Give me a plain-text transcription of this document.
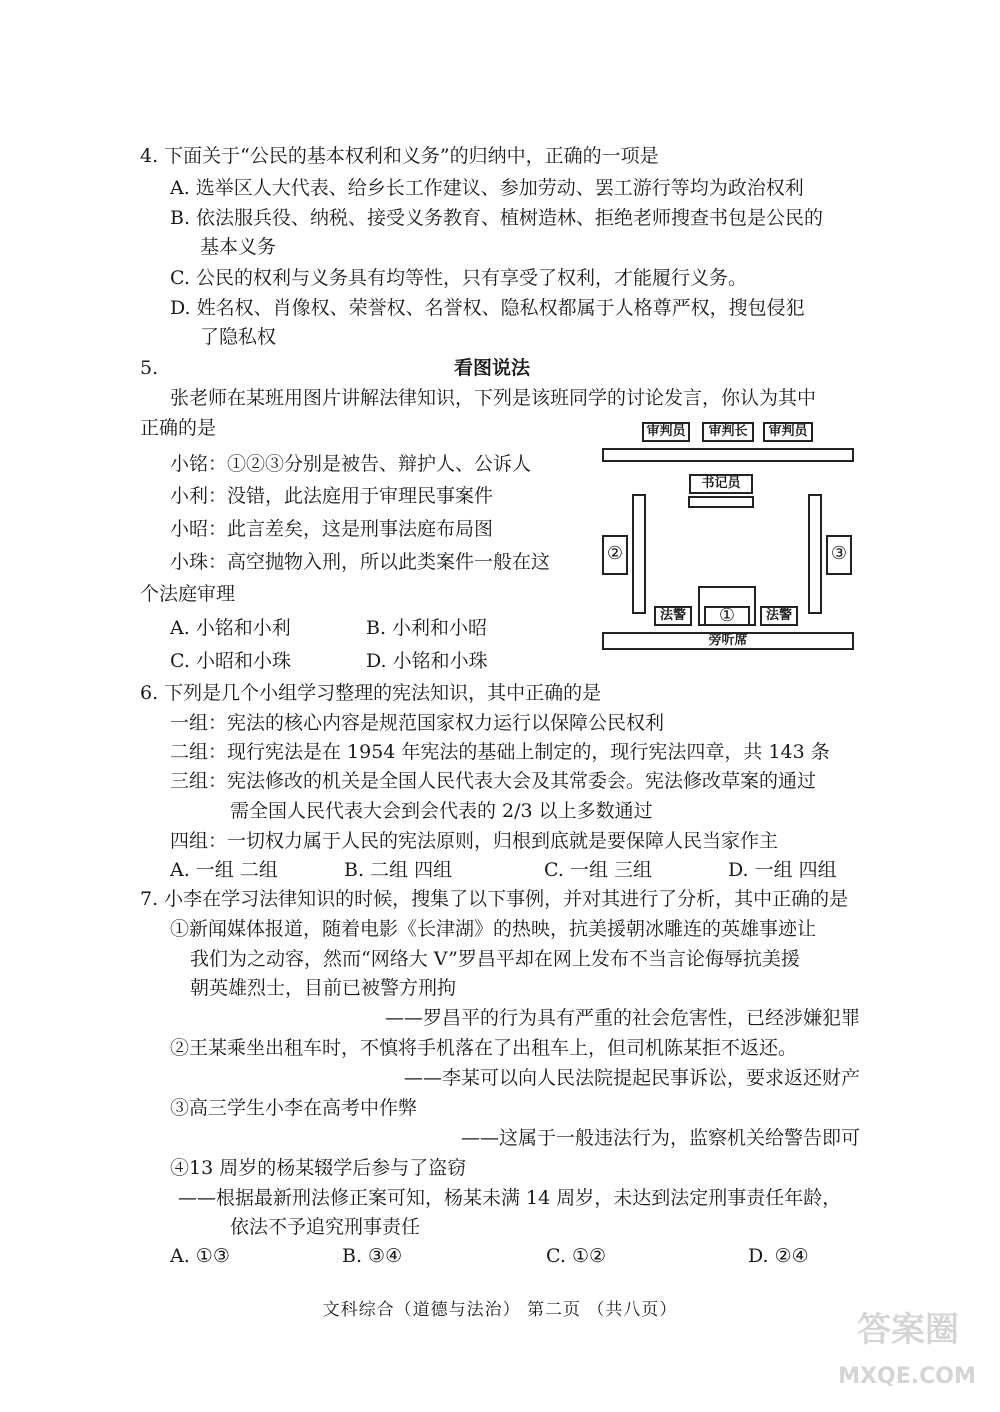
4. 下面关于“公民的基本权利和义务”的归纳中，正确的一项是
A. 选举区人大代表、给乡长工作建议、参加劳动、罢工游行等均为政治权利
B. 依法服兵役、纳税、接受义务教育、植树造林、拒绝老师搜查书包是公民的
基本义务
C. 公民的权利与义务具有均等性，只有享受了权利，才能履行义务。
D. 姓名权、肖像权、荣誉权、名誉权、隐私权都属于人格尊严权，搜包侵犯
了隐私权
5.	看图说法
张老师在某班用图片讲解法律知识，下列是该班同学的讨论发言，你认为其中
正确的是
小铭：①②③分别是被告、辩护人、公诉人
小利：没错，此法庭用于审理民事案件
小昭：此言差矣，这是刑事法庭布局图
小珠：高空抛物入刑，所以此类案件一般在这
个法庭审理
A. 小铭和小利	B. 小利和小昭
C. 小昭和小珠	D. 小铭和小珠
审判员	审判长	审判员
书记员
②	③
①
法警	法警
旁听席
6. 下列是几个小组学习整理的宪法知识，其中正确的是
一组：宪法的核心内容是规范国家权力运行以保障公民权利
二组：现行宪法是在 1954 年宪法的基础上制定的，现行宪法四章，共 143 条
三组：宪法修改的机关是全国人民代表大会及其常委会。宪法修改草案的通过
需全国人民代表大会到会代表的 2/3 以上多数通过
四组：一切权力属于人民的宪法原则，归根到底就是要保障人民当家作主
A. 一组 二组	B. 二组 四组	C. 一组 三组	D. 一组 四组
7. 小李在学习法律知识的时候，搜集了以下事例，并对其进行了分析，其中正确的是
①新闻媒体报道，随着电影《长津湖》的热映，抗美援朝冰雕连的英雄事迹让
我们为之动容，然而“网络大 V”罗昌平却在网上发布不当言论侮辱抗美援
朝英雄烈士，目前已被警方刑拘
——罗昌平的行为具有严重的社会危害性，已经涉嫌犯罪
②王某乘坐出租车时，不慎将手机落在了出租车上，但司机陈某拒不返还。
——李某可以向人民法院提起民事诉讼，要求返还财产
③高三学生小李在高考中作弊
——这属于一般违法行为，监察机关给警告即可
④13 周岁的杨某辍学后参与了盗窃
——根据最新刑法修正案可知，杨某未满 14 周岁，未达到法定刑事责任年龄，
依法不予追究刑事责任
A. ①③	B. ③④	C. ①②	D. ②④
文科综合（道德与法治） 第二页 （共八页）	答案圈
MXQE.COM
